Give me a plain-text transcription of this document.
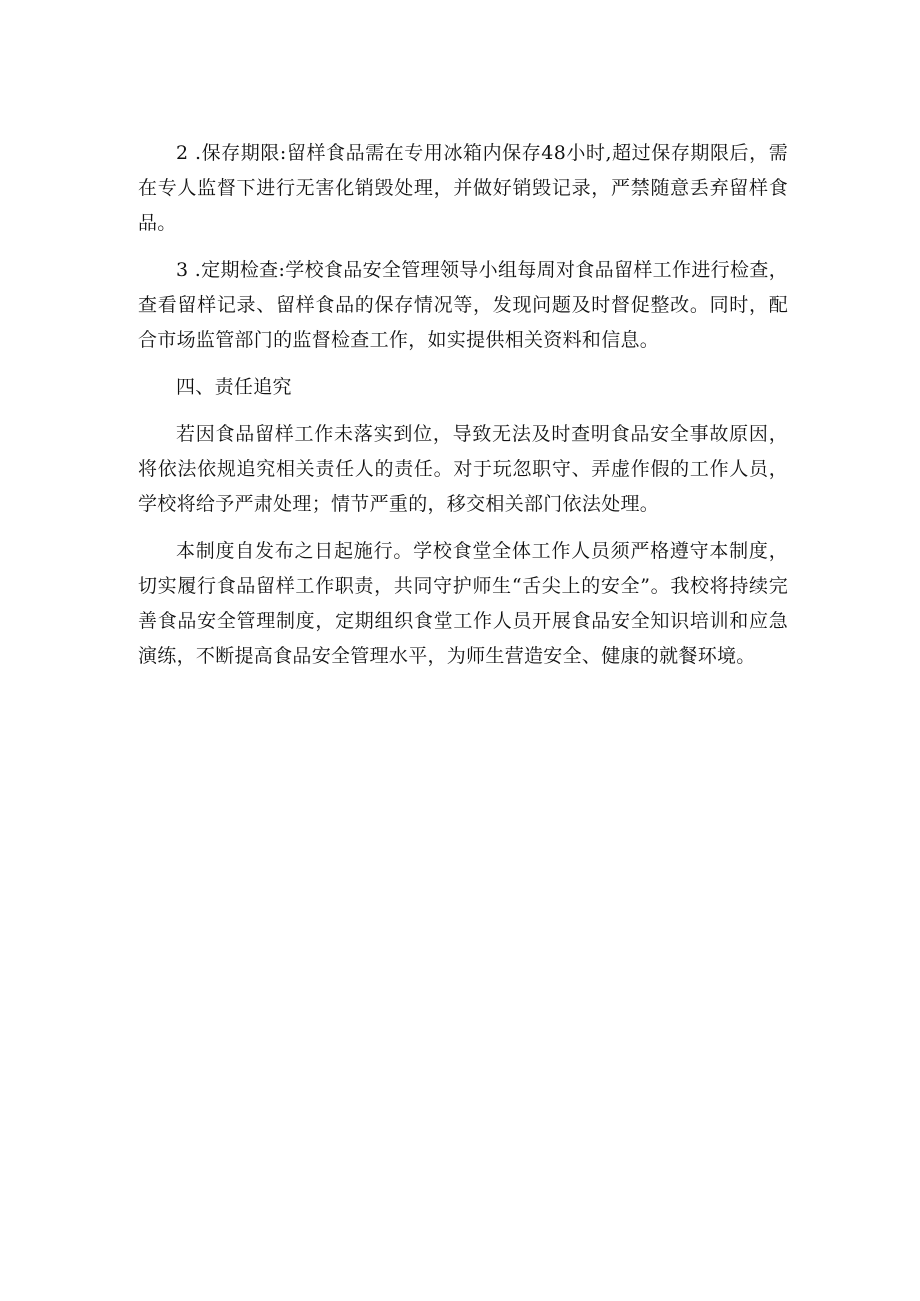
2 .保存期限:留样食品需在专用冰箱内保存48小时,超过保存期限后，需在专人监督下进行无害化销毁处理，并做好销毁记录，严禁随意丢弃留样食品。

3 .定期检查:学校食品安全管理领导小组每周对食品留样工作进行检查，查看留样记录、留样食品的保存情况等，发现问题及时督促整改。同时，配合市场监管部门的监督检查工作，如实提供相关资料和信息。

四、责任追究

若因食品留样工作未落实到位，导致无法及时查明食品安全事故原因，将依法依规追究相关责任人的责任。对于玩忽职守、弄虚作假的工作人员，学校将给予严肃处理；情节严重的，移交相关部门依法处理。

本制度自发布之日起施行。学校食堂全体工作人员须严格遵守本制度，切实履行食品留样工作职责，共同守护师生“舌尖上的安全”。我校将持续完善食品安全管理制度，定期组织食堂工作人员开展食品安全知识培训和应急演练，不断提高食品安全管理水平，为师生营造安全、健康的就餐环境。
